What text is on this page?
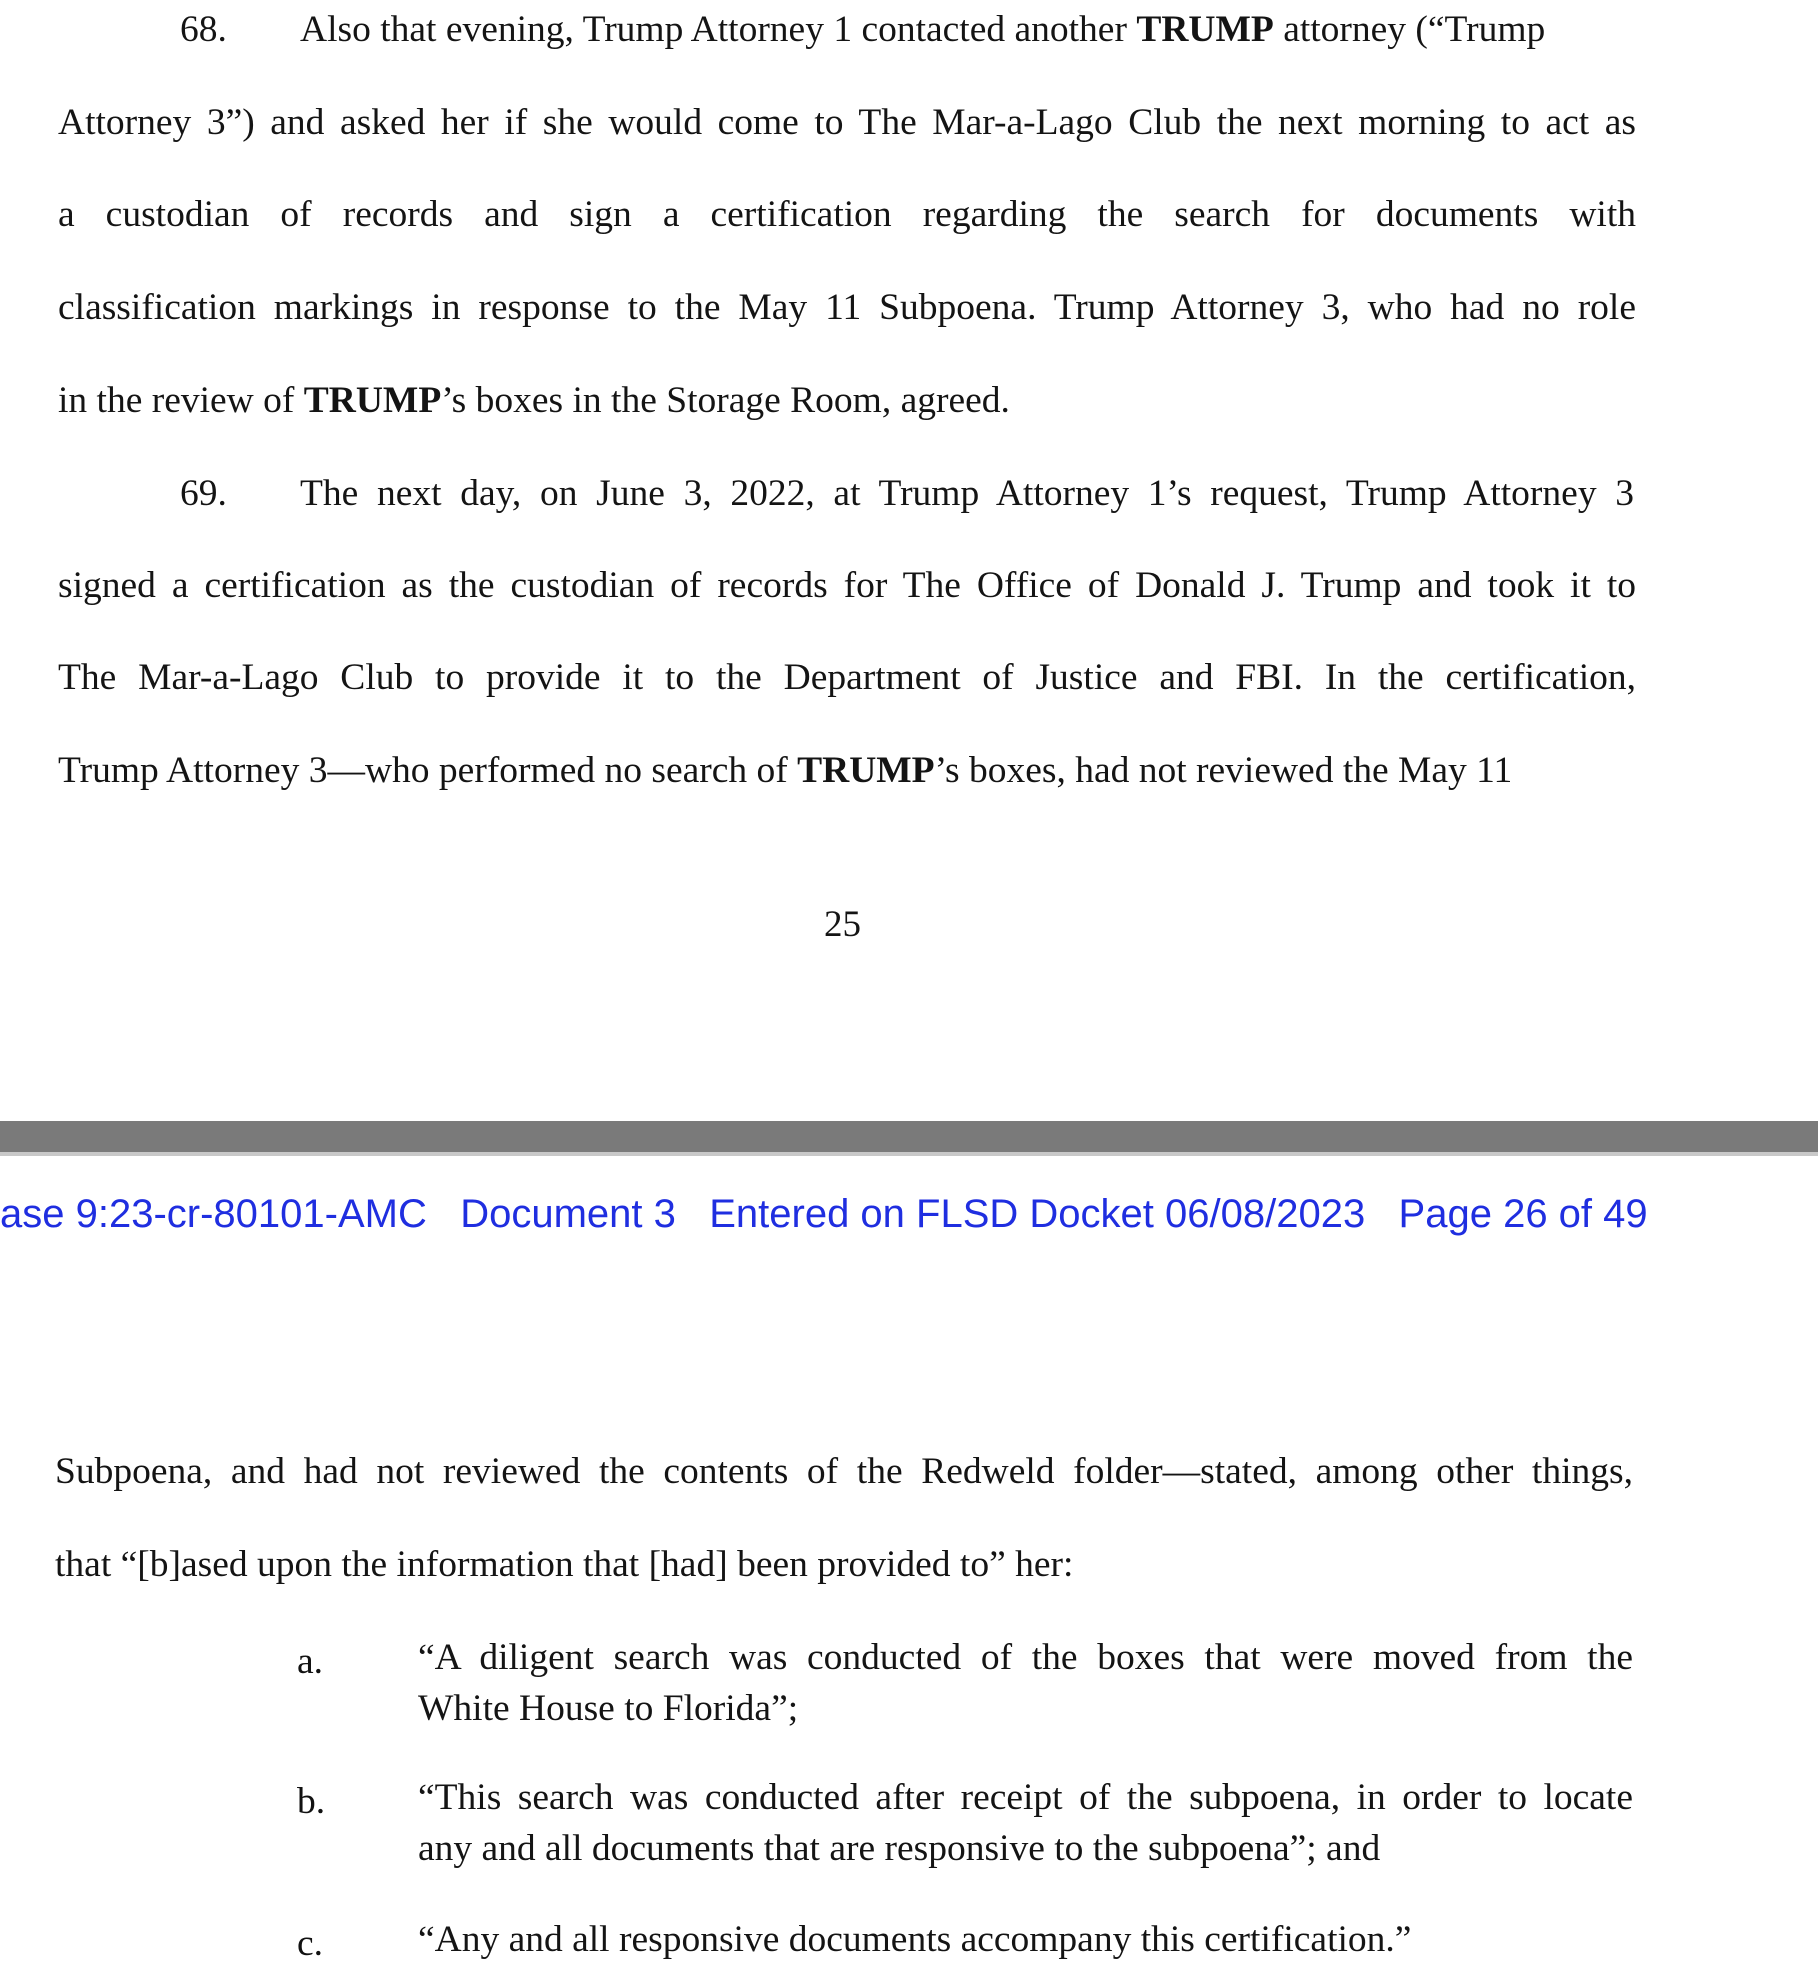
68. Also that evening, Trump Attorney 1 contacted another TRUMP attorney (“Trump
Attorney 3”) and asked her if she would come to The Mar-a-Lago Club the next morning to act as
a custodian of records and sign a certification regarding the search for documents with
classification markings in response to the May 11 Subpoena. Trump Attorney 3, who had no role
in the review of TRUMP’s boxes in the Storage Room, agreed.
69. The next day, on June 3, 2022, at Trump Attorney 1’s request, Trump Attorney 3
signed a certification as the custodian of records for The Office of Donald J. Trump and took it to
The Mar-a-Lago Club to provide it to the Department of Justice and FBI. In the certification,
Trump Attorney 3—who performed no search of TRUMP’s boxes, had not reviewed the May 11
25
ase 9:23-cr-80101-AMC Document 3 Entered on FLSD Docket 06/08/2023 Page 26 of 49
Subpoena, and had not reviewed the contents of the Redweld folder—stated, among other things,
that “[b]ased upon the information that [had] been provided to” her:
a.	“A diligent search was conducted of the boxes that were moved from the
White House to Florida”;
b. “This search was conducted after receipt of the subpoena, in order to locate
any and all documents that are responsive to the subpoena”; and
c.	“Any and all responsive documents accompany this certification.”
